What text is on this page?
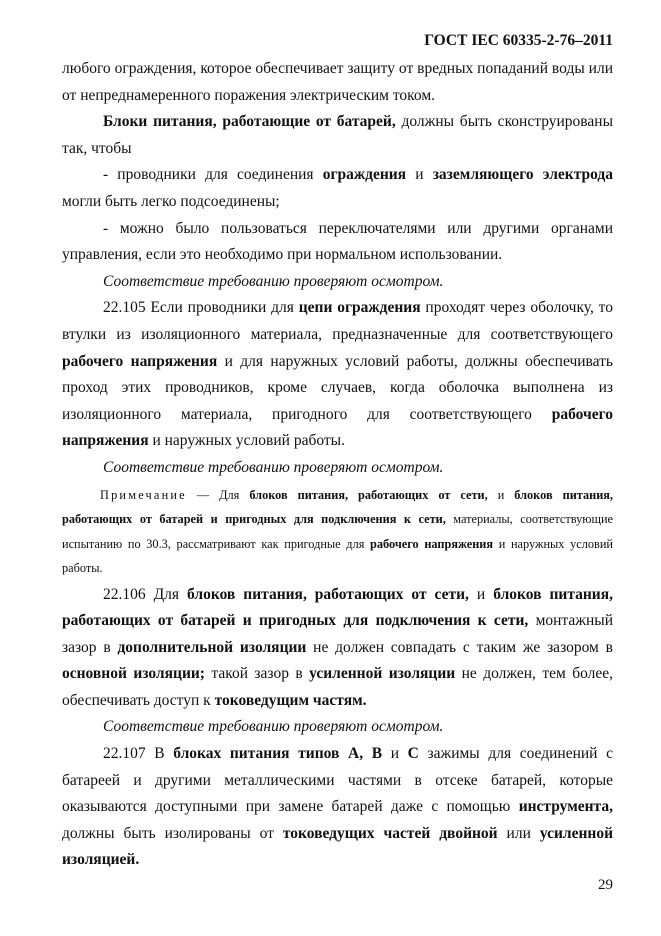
ГОСТ IEC 60335-2-76–2011

любого ограждения, которое обеспечивает защиту от вредных попаданий воды или от непреднамеренного поражения электрическим током.

Блоки питания, работающие от батарей, должны быть сконструированы так, чтобы

- проводники для соединения ограждения и заземляющего электрода могли быть легко подсоединены;

- можно было пользоваться переключателями или другими органами управления, если это необходимо при нормальном использовании.

Соответствие требованию проверяют осмотром.

22.105 Если проводники для цепи ограждения проходят через оболочку, то втулки из изоляционного материала, предназначенные для соответствующего рабочего напряжения и для наружных условий работы, должны обеспечивать проход этих проводников, кроме случаев, когда оболочка выполнена из изоляционного материала, пригодного для соответствующего рабочего напряжения и наружных условий работы.

Соответствие требованию проверяют осмотром.

Примечание — Для блоков питания, работающих от сети, и блоков питания, работающих от батарей и пригодных для подключения к сети, материалы, соответствующие испытанию по 30.3, рассматривают как пригодные для рабочего напряжения и наружных условий работы.

22.106 Для блоков питания, работающих от сети, и блоков питания, работающих от батарей и пригодных для подключения к сети, монтажный зазор в дополнительной изоляции не должен совпадать с таким же зазором в основной изоляции; такой зазор в усиленной изоляции не должен, тем более, обеспечивать доступ к токоведущим частям.

Соответствие требованию проверяют осмотром.

22.107 В блоках питания типов А, В и С зажимы для соединений с батареей и другими металлическими частями в отсеке батарей, которые оказываются доступными при замене батарей даже с помощью инструмента, должны быть изолированы от токоведущих частей двойной или усиленной изоляцией.

29
